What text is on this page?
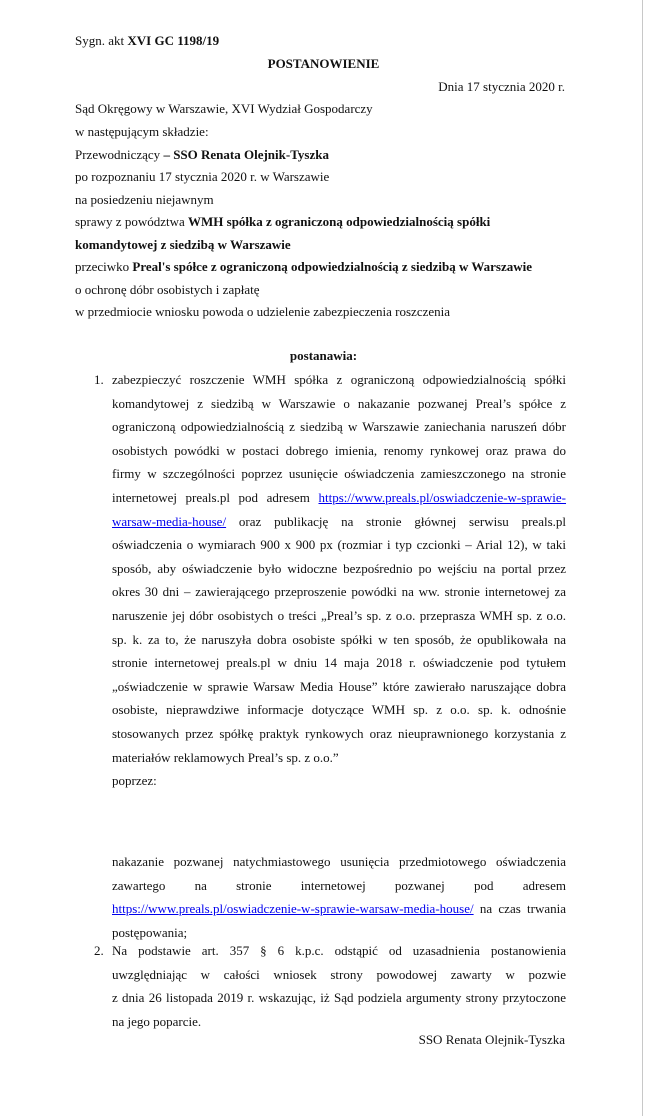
Sygn. akt XVI GC 1198/19
POSTANOWIENIE
Dnia 17 stycznia 2020 r.
Sąd Okręgowy w Warszawie, XVI Wydział Gospodarczy
w następującym składzie:
Przewodniczący – SSO Renata Olejnik-Tyszka
po rozpoznaniu 17 stycznia 2020 r. w Warszawie
na posiedzeniu niejawnym
sprawy z powództwa WMH spółka z ograniczoną odpowiedzialnością spółki
komandytowej z siedzibą w Warszawie
przeciwko Preal's spółce z ograniczoną odpowiedzialnością z siedzibą w Warszawie
o ochronę dóbr osobistych i zapłatę
w przedmiocie wniosku powoda o udzielenie zabezpieczenia roszczenia
postanawia:
1. zabezpieczyć roszczenie WMH spółka z ograniczoną odpowiedzialnością spółki
komandytowej z siedzibą w Warszawie o nakazanie pozwanej Preal’s spółce z
ograniczoną odpowiedzialnością z siedzibą w Warszawie zaniechania naruszeń dóbr
osobistych powódki w postaci dobrego imienia, renomy rynkowej oraz prawa do
firmy w szczególności poprzez usunięcie oświadczenia zamieszczonego na stronie
internetowej preals.pl pod adresem https://www.preals.pl/oswiadczenie-w-sprawie-
warsaw-media-house/ oraz publikację na stronie głównej serwisu preals.pl
oświadczenia o wymiarach 900 x 900 px (rozmiar i typ czcionki – Arial 12), w taki
sposób, aby oświadczenie było widoczne bezpośrednio po wejściu na portal przez
okres 30 dni – zawierającego przeproszenie powódki na ww. stronie internetowej za
naruszenie jej dóbr osobistych o treści „Preal’s sp. z o.o. przeprasza WMH sp. z o.o.
sp. k. za to, że naruszyła dobra osobiste spółki w ten sposób, że opublikowała na
stronie internetowej preals.pl w dniu 14 maja 2018 r. oświadczenie pod tytułem
„oświadczenie w sprawie Warsaw Media House” które zawierało naruszające dobra
osobiste, nieprawdziwe informacje dotyczące WMH sp. z o.o. sp. k. odnośnie
stosowanych przez spółkę praktyk rynkowych oraz nieuprawnionego korzystania z
materiałów reklamowych Preal’s sp. z o.o.”
poprzez:
nakazanie pozwanej natychmiastowego usunięcia przedmiotowego oświadczenia
zawartego na stronie internetowej pozwanej pod adresem
https://www.preals.pl/oswiadczenie-w-sprawie-warsaw-media-house/ na czas trwania
postępowania;
2. Na podstawie art. 357 § 6 k.p.c. odstąpić od uzasadnienia postanowienia
uwzględniając w całości wniosek strony powodowej zawarty w pozwie
z dnia 26 listopada 2019 r. wskazując, iż Sąd podziela argumenty strony przytoczone
na jego poparcie.
SSO Renata Olejnik-Tyszka
